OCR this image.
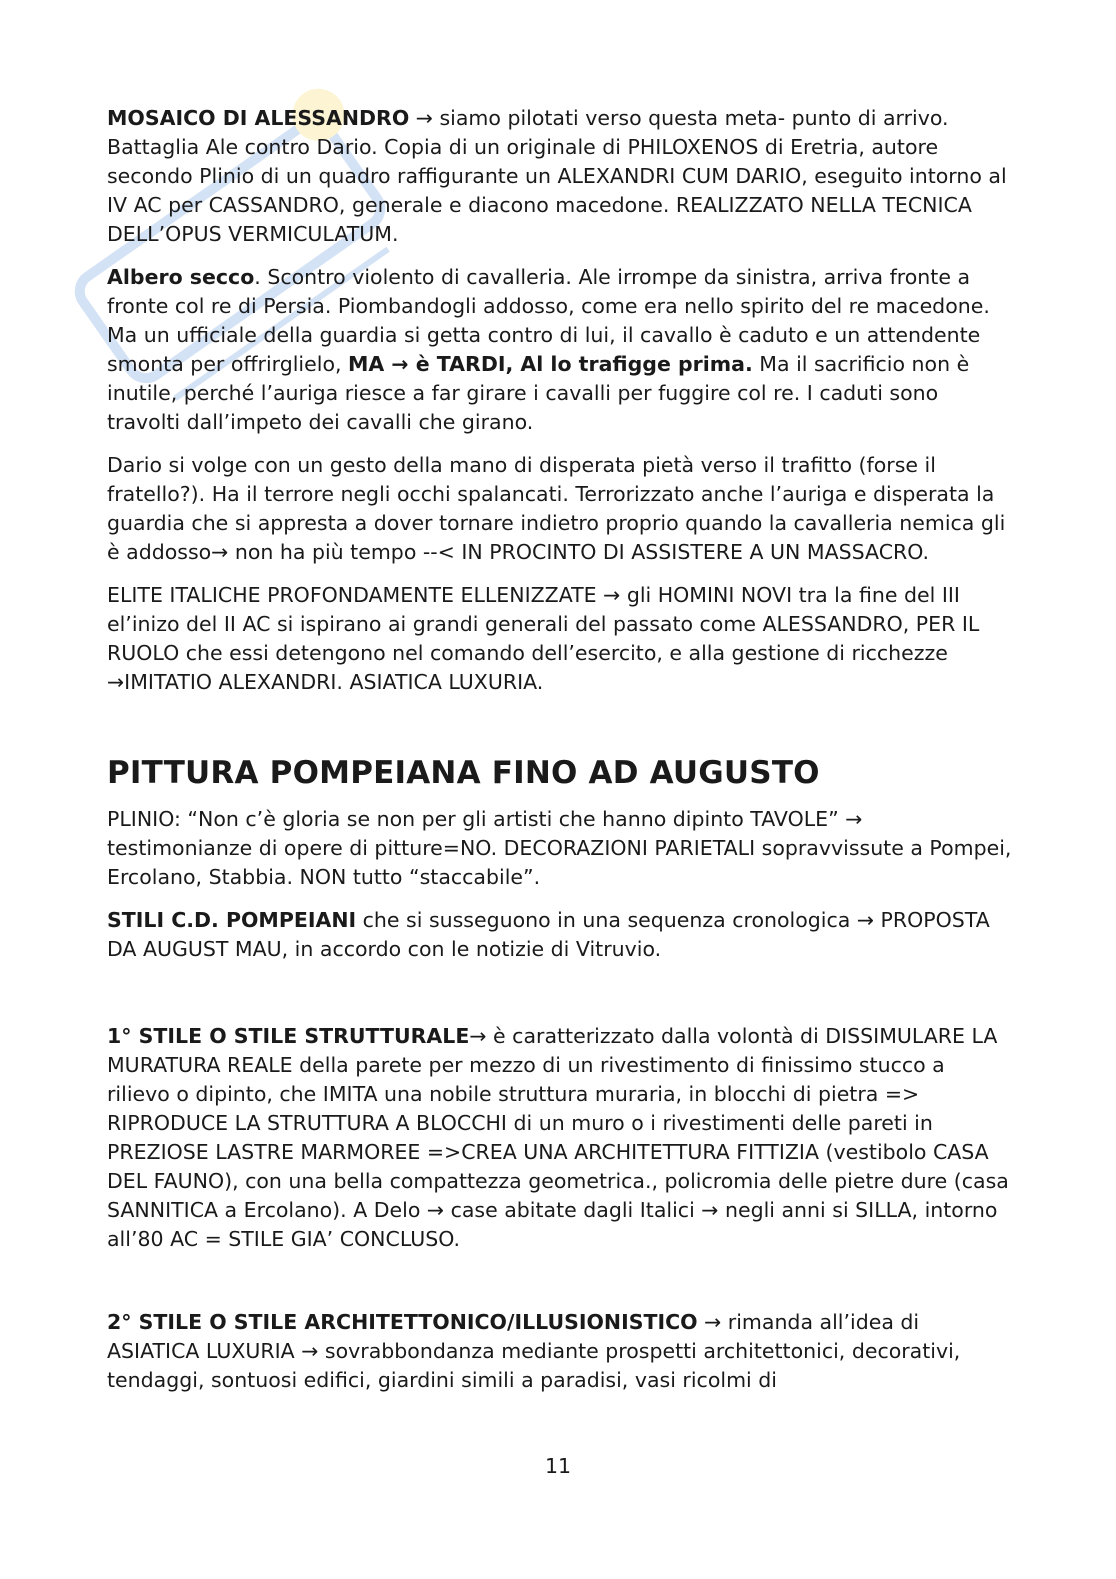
MOSAICO DI ALESSANDRO → siamo pilotati verso questa meta- punto di arrivo. Battaglia Ale contro Dario. Copia di un originale di PHILOXENOS di Eretria, autore secondo Plinio di un quadro raffigurante un ALEXANDRI CUM DARIO, eseguito intorno al IV AC per CASSANDRO, generale e diacono macedone. REALIZZATO NELLA TECNICA DELL’OPUS VERMICULATUM.

Albero secco. Scontro violento di cavalleria. Ale irrompe da sinistra, arriva fronte a fronte col re di Persia. Piombandogli addosso, come era nello spirito del re macedone. Ma un ufficiale della guardia si getta contro di lui, il cavallo è caduto e un attendente smonta per offrirglielo, MA → è TARDI, Al lo trafigge prima. Ma il sacrificio non è inutile, perché l’auriga riesce a far girare i cavalli per fuggire col re. I caduti sono travolti dall’impeto dei cavalli che girano.

Dario si volge con un gesto della mano di disperata pietà verso il trafitto (forse il fratello?). Ha il terrore negli occhi spalancati. Terrorizzato anche l’auriga e disperata la guardia che si appresta a dover tornare indietro proprio quando la cavalleria nemica gli è addosso→ non ha più tempo --< IN PROCINTO DI ASSISTERE A UN MASSACRO.

ELITE ITALICHE PROFONDAMENTE ELLENIZZATE → gli HOMINI NOVI tra la fine del III el’inizo del II AC si ispirano ai grandi generali del passato come ALESSANDRO, PER IL RUOLO che essi detengono nel comando dell’esercito, e alla gestione di ricchezze →IMITATIO ALEXANDRI. ASIATICA LUXURIA.

PITTURA POMPEIANA FINO AD AUGUSTO

PLINIO: “Non c’è gloria se non per gli artisti che hanno dipinto TAVOLE” → testimonianze di opere di pitture=NO. DECORAZIONI PARIETALI sopravvissute a Pompei, Ercolano, Stabbia. NON tutto “staccabile”.

STILI C.D. POMPEIANI che si susseguono in una sequenza cronologica → PROPOSTA DA AUGUST MAU, in accordo con le notizie di Vitruvio.

1° STILE O STILE STRUTTURALE→ è caratterizzato dalla volontà di DISSIMULARE LA MURATURA REALE della parete per mezzo di un rivestimento di finissimo stucco a rilievo o dipinto, che IMITA una nobile struttura muraria, in blocchi di pietra => RIPRODUCE LA STRUTTURA A BLOCCHI di un muro o i rivestimenti delle pareti in PREZIOSE LASTRE MARMOREE =>CREA UNA ARCHITETTURA FITTIZIA (vestibolo CASA DEL FAUNO), con una bella compattezza geometrica., policromia delle pietre dure (casa SANNITICA a Ercolano). A Delo → case abitate dagli Italici → negli anni si SILLA, intorno all’80 AC = STILE GIA’ CONCLUSO.

2° STILE O STILE ARCHITETTONICO/ILLUSIONISTICO → rimanda all’idea di ASIATICA LUXURIA → sovrabbondanza mediante prospetti architettonici, decorativi, tendaggi, sontuosi edifici, giardini simili a paradisi, vasi ricolmi di

11
